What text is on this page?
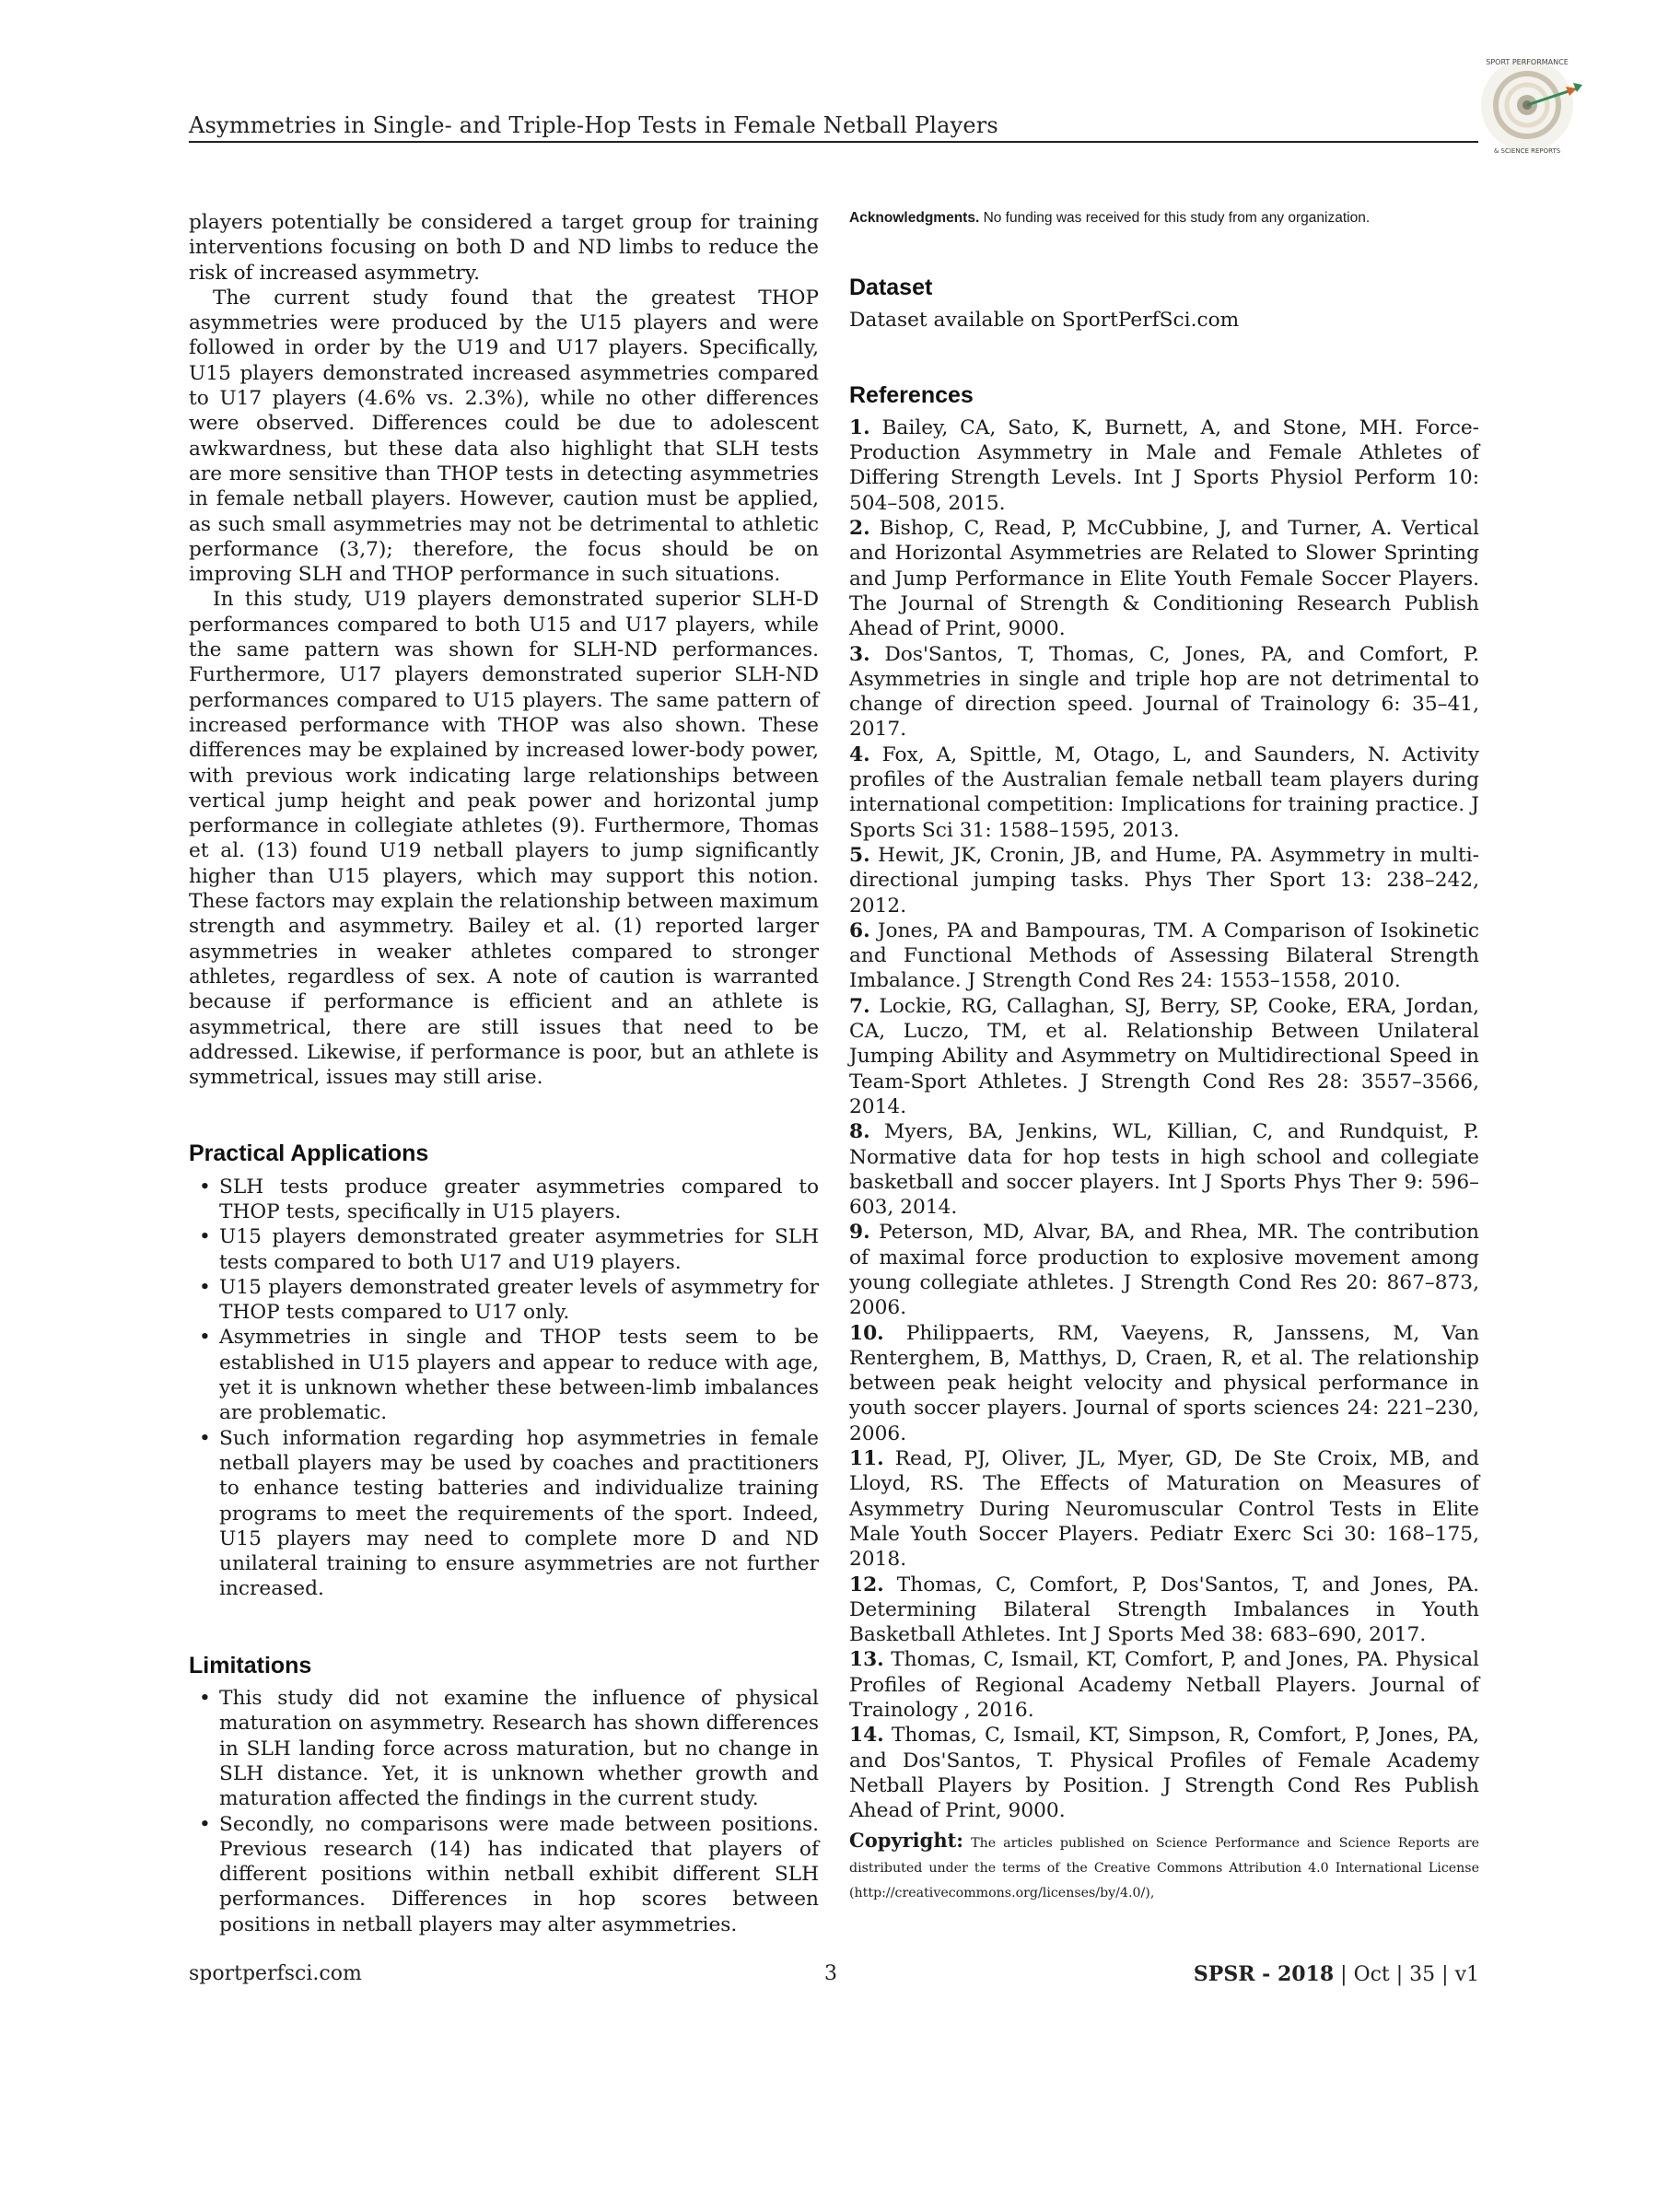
Asymmetries in Single- and Triple-Hop Tests in Female Netball Players
SPORT PERFORMANCE
& SCIENCE REPORTS

players potentially be considered a target group for training interventions focusing on both D and ND limbs to reduce the risk of increased asymmetry.

The current study found that the greatest THOP asymmetries were produced by the U15 players and were followed in order by the U19 and U17 players. Specifically, U15 players demonstrated increased asymmetries compared to U17 players (4.6% vs. 2.3%), while no other differences were observed. Differences could be due to adolescent awkwardness, but these data also highlight that SLH tests are more sensitive than THOP tests in detecting asymmetries in female netball players. However, caution must be applied, as such small asymmetries may not be detrimental to athletic performance (3,7); therefore, the focus should be on improving SLH and THOP performance in such situations.

In this study, U19 players demonstrated superior SLH-D performances compared to both U15 and U17 players, while the same pattern was shown for SLH-ND performances. Furthermore, U17 players demonstrated superior SLH-ND performances compared to U15 players. The same pattern of increased performance with THOP was also shown. These differences may be explained by increased lower-body power, with previous work indicating large relationships between vertical jump height and peak power and horizontal jump performance in collegiate athletes (9). Furthermore, Thomas et al. (13) found U19 netball players to jump significantly higher than U15 players, which may support this notion. These factors may explain the relationship between maximum strength and asymmetry. Bailey et al. (1) reported larger asymmetries in weaker athletes compared to stronger athletes, regardless of sex. A note of caution is warranted because if performance is efficient and an athlete is asymmetrical, there are still issues that need to be addressed. Likewise, if performance is poor, but an athlete is symmetrical, issues may still arise.

Practical Applications
• SLH tests produce greater asymmetries compared to THOP tests, specifically in U15 players.
• U15 players demonstrated greater asymmetries for SLH tests compared to both U17 and U19 players.
• U15 players demonstrated greater levels of asymmetry for THOP tests compared to U17 only.
• Asymmetries in single and THOP tests seem to be established in U15 players and appear to reduce with age, yet it is unknown whether these between-limb imbalances are problematic.
• Such information regarding hop asymmetries in female netball players may be used by coaches and practitioners to enhance testing batteries and individualize training programs to meet the requirements of the sport. Indeed, U15 players may need to complete more D and ND unilateral training to ensure asymmetries are not further increased.
Limitations
• This study did not examine the influence of physical maturation on asymmetry. Research has shown differences in SLH landing force across maturation, but no change in SLH distance. Yet, it is unknown whether growth and maturation affected the findings in the current study.
• Secondly, no comparisons were made between positions. Previous research (14) has indicated that players of different positions within netball exhibit different SLH performances. Differences in hop scores between positions in netball players may alter asymmetries.

Acknowledgments. No funding was received for this study from any organization.

Dataset

Dataset available on SportPerfSci.com

References

1. Bailey, CA, Sato, K, Burnett, A, and Stone, MH. Force-Production Asymmetry in Male and Female Athletes of Differing Strength Levels. Int J Sports Physiol Perform 10: 504–508, 2015.

2. Bishop, C, Read, P, McCubbine, J, and Turner, A. Vertical and Horizontal Asymmetries are Related to Slower Sprinting and Jump Performance in Elite Youth Female Soccer Players. The Journal of Strength & Conditioning Research Publish Ahead of Print, 9000.

3. Dos'Santos, T, Thomas, C, Jones, PA, and Comfort, P. Asymmetries in single and triple hop are not detrimental to change of direction speed. Journal of Trainology 6: 35–41, 2017.

4. Fox, A, Spittle, M, Otago, L, and Saunders, N. Activity profiles of the Australian female netball team players during international competition: Implications for training practice. J Sports Sci 31: 1588–1595, 2013.

5. Hewit, JK, Cronin, JB, and Hume, PA. Asymmetry in multi-directional jumping tasks. Phys Ther Sport 13: 238–242, 2012.

6. Jones, PA and Bampouras, TM. A Comparison of Isokinetic and Functional Methods of Assessing Bilateral Strength Imbalance. J Strength Cond Res 24: 1553–1558, 2010.

7. Lockie, RG, Callaghan, SJ, Berry, SP, Cooke, ERA, Jordan, CA, Luczo, TM, et al. Relationship Between Unilateral Jumping Ability and Asymmetry on Multidirectional Speed in Team-Sport Athletes. J Strength Cond Res 28: 3557–3566, 2014.

8. Myers, BA, Jenkins, WL, Killian, C, and Rundquist, P. Normative data for hop tests in high school and collegiate basketball and soccer players. Int J Sports Phys Ther 9: 596–603, 2014.

9. Peterson, MD, Alvar, BA, and Rhea, MR. The contribution of maximal force production to explosive movement among young collegiate athletes. J Strength Cond Res 20: 867–873, 2006.

10. Philippaerts, RM, Vaeyens, R, Janssens, M, Van Renterghem, B, Matthys, D, Craen, R, et al. The relationship between peak height velocity and physical performance in youth soccer players. Journal of sports sciences 24: 221–230, 2006.

11. Read, PJ, Oliver, JL, Myer, GD, De Ste Croix, MB, and Lloyd, RS. The Effects of Maturation on Measures of Asymmetry During Neuromuscular Control Tests in Elite Male Youth Soccer Players. Pediatr Exerc Sci 30: 168–175, 2018.

12. Thomas, C, Comfort, P, Dos'Santos, T, and Jones, PA. Determining Bilateral Strength Imbalances in Youth Basketball Athletes. Int J Sports Med 38: 683–690, 2017.

13. Thomas, C, Ismail, KT, Comfort, P, and Jones, PA. Physical Profiles of Regional Academy Netball Players. Journal of Trainology , 2016.

14. Thomas, C, Ismail, KT, Simpson, R, Comfort, P, Jones, PA, and Dos'Santos, T. Physical Profiles of Female Academy Netball Players by Position. J Strength Cond Res Publish Ahead of Print, 9000.

Copyright: The articles published on Science Performance and Science Reports are distributed under the terms of the Creative Commons Attribution 4.0 International License (http://creativecommons.org/licenses/by/4.0/),

sportperfsci.com	3	SPSR - 2018 | Oct | 35 | v1
